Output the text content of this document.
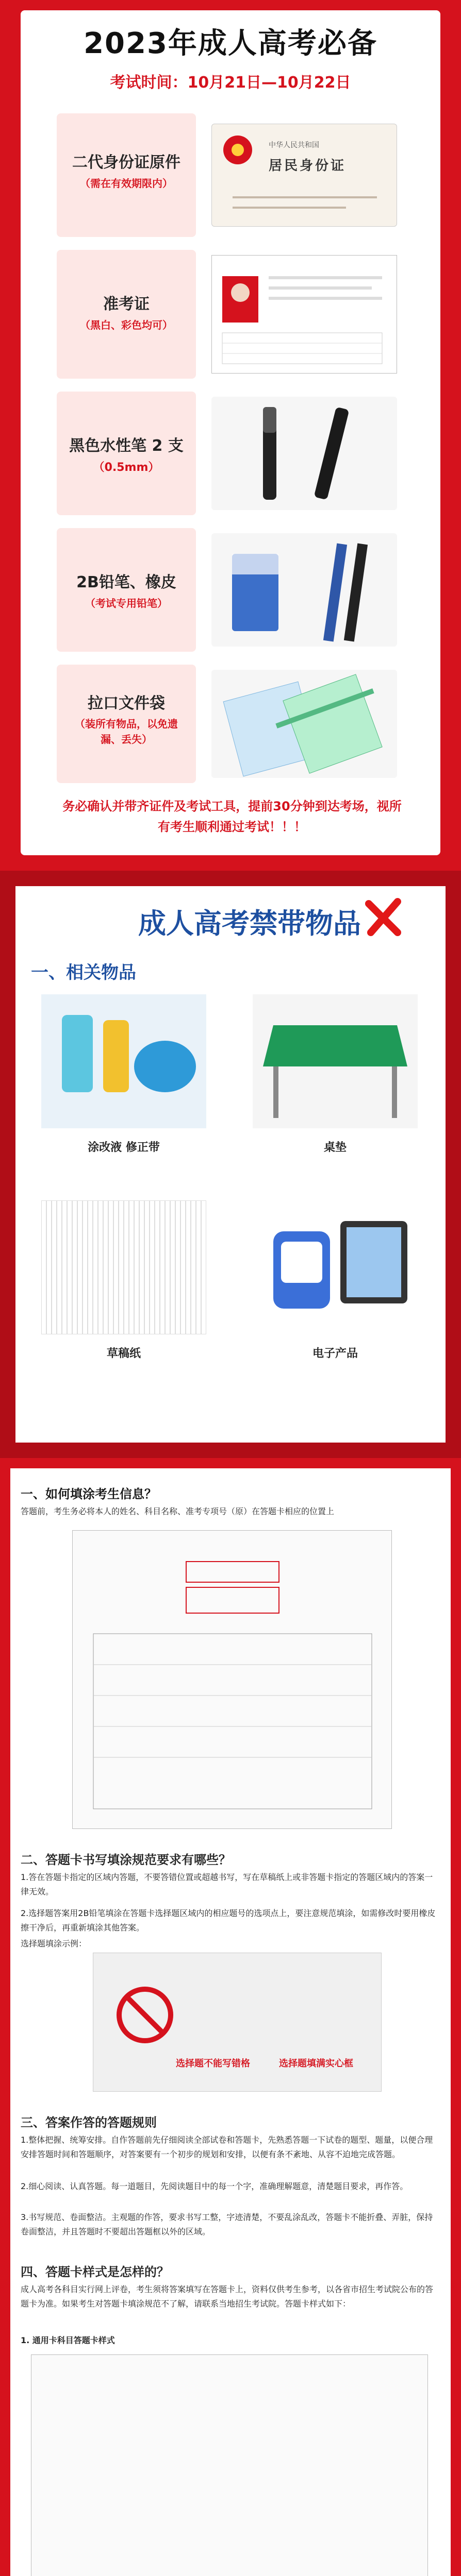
2023年成人高考必备
考试时间：10月21日—10月22日
二代身份证原件
（需在有效期限内）
中华人民共和国
居民身份证
准考证
（黑白、彩色均可）
黑色水性笔 2 支
（0.5mm）
2B铅笔、橡皮
（考试专用铅笔）
拉口文件袋
（装所有物品，以免遗漏、丢失）
务必确认并带齐证件及考试工具，提前30分钟到达考场，视所有考生顺利通过考试！！！
成人高考禁带物品
一、相关物品
涂改液 修正带	桌垫
草稿纸	电子产品
一、如何填涂考生信息？
答题前，考生务必将本人的姓名、科目名称、准考专项号（原）在答题卡相应的位置上
二、答题卡书写填涂规范要求有哪些？
1.答在答题卡指定的区域内答题，不要答错位置或超越书写，写在草稿纸上或非答题卡指定的答题区域内的答案一律无效。
2.选择题答案用2B铅笔填涂在答题卡选择题区域内的相应题号的选项点上，要注意规范填涂，如需修改时要用橡皮擦干净后，再重新填涂其他答案。
选择题填涂示例：
选择题不能写错格	选择题填满实心框
三、答案作答的答题规则
1.整体把握、统筹安排。自作答题前先仔细阅读全部试卷和答题卡，先熟悉答题一下试卷的题型、题量，以便合理安排答题时间和答题顺序，对答案要有一个初步的规划和安排，以便有条不紊地、从容不迫地完成答题。
2.细心阅读、认真答题。每一道题目，先阅读题目中的每一个字，准确理解题意，清楚题目要求，再作答。
3.书写规范、卷面整洁。主观题的作答，要求书写工整，字迹清楚，不要乱涂乱改，答题卡不能折叠、弄脏，保持卷面整洁，并且答题时不要超出答题框以外的区域。
四、答题卡样式是怎样的？
成人高考各科目实行网上评卷，考生须将答案填写在答题卡上，资料仅供考生参考，以各省市招生考试院公布的答题卡为准。如果考生对答题卡填涂规范不了解，请联系当地招生考试院。答题卡样式如下：
1. 通用卡科目答题卡样式
